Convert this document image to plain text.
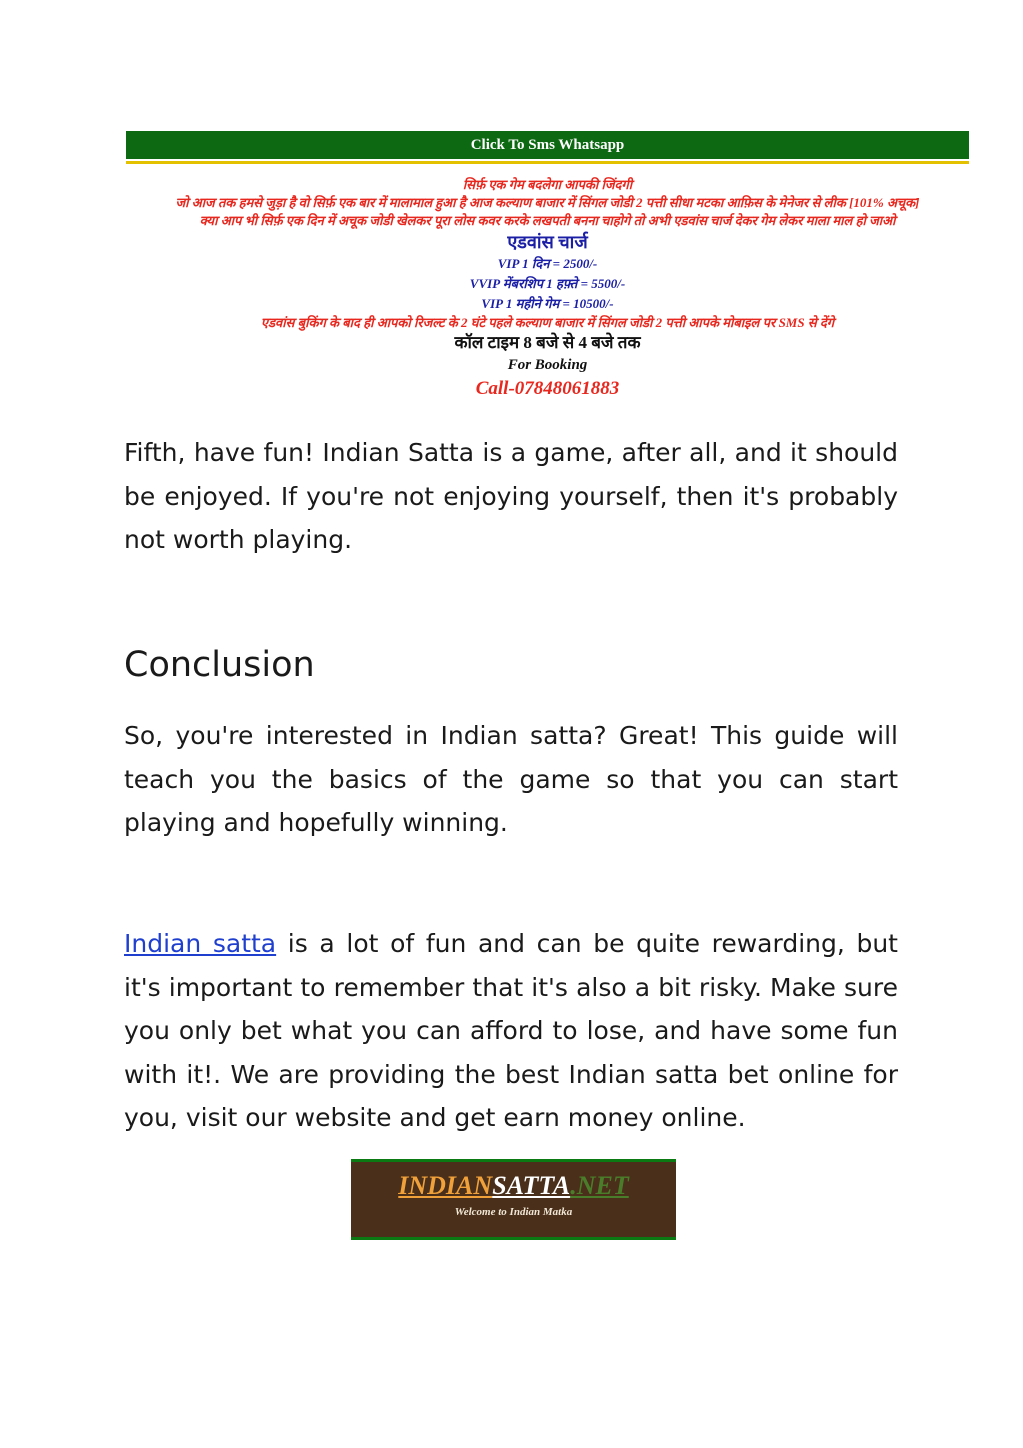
Click To Sms Whatsapp
सिर्फ़ एक गेम बदलेगा आपकी जिंदगी
जो आज तक हमसे जुड़ा है वो सिर्फ़ एक बार में मालामाल हुआ है आज कल्याण बाजार में सिंगल जोडी 2 पत्ती सीधा मटका आफ़िस के मेनेजर से लीक [101% अचूक]
क्या आप भी सिर्फ़ एक दिन में अचूक जोडी खेलकर पूरा लोस कवर करके लखपती बनना चाहोगे तो अभी एडवांस चार्ज देकर गेम लेकर माला माल हो जाओ
एडवांस चार्ज
VIP 1 दिन = 2500/-
VVIP मेंबरशिप 1 हफ़्ते = 5500/-
VIP 1 महीने गेम = 10500/-
एडवांस बुकिंग के बाद ही आपको रिजल्ट के 2 घंटे पहले कल्याण बाजार में सिंगल जोडी 2 पत्ती आपके मोबाइल पर SMS से देंगे
कॉल टाइम 8 बजे से 4 बजे तक
For Booking
Call-07848061883

Fifth, have fun! Indian Satta is a game, after all, and it should be enjoyed. If you're not enjoying yourself, then it's probably not worth playing.

Conclusion

So, you're interested in Indian satta? Great! This guide will teach you the basics of the game so that you can start playing and hopefully winning.

Indian satta is a lot of fun and can be quite rewarding, but it's important to remember that it's also a bit risky. Make sure you only bet what you can afford to lose, and have some fun with it!. We are providing the best Indian satta bet online for you, visit our website and get earn money online.

INDIANSATTA.NET
Welcome to Indian Matka
